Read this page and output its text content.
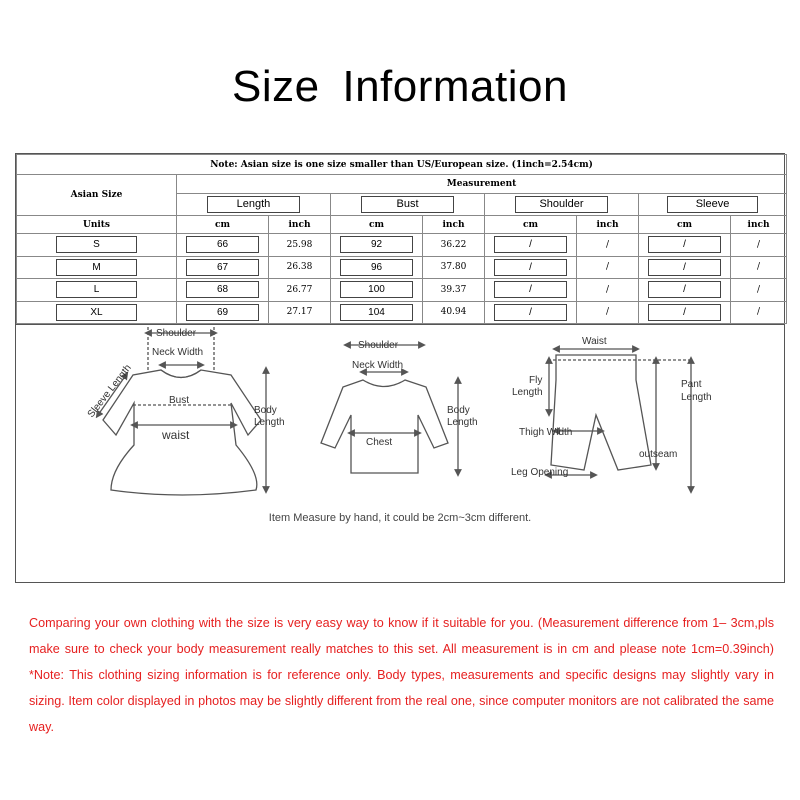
Size Information
Note: Asian size is one size smaller than US/European size. (1inch=2.54cm)								
Asian Size	Measurement							
	Length		Bust		Shoulder		Sleeve	
Units	cm	inch	cm	inch	cm	inch	cm	inch
S	66	25.98	92	36.22	/	/	/	/
M	67	26.38	96	37.80	/	/	/	/
L	68	26.77	100	39.37	/	/	/	/
XL	69	27.17	104	40.94	/	/	/	/
Shoulder
Neck Width
Sleeve Length	Bust
waist
Body
Length
Shoulder
Neck Width
Chest
Body
Length
Waist
Fly
Length
Pant
Length
Thigh Width
outseam
Leg Opening
Item Measure by hand, it could be 2cm~3cm different.
Comparing your own clothing with the size is very easy way to know if it suitable for you. (Measurement difference from 1– 3cm,pls make sure to check your body measurement really matches to this set. All measurement is in cm and please note 1cm=0.39inch) *Note: This clothing sizing information is for reference only. Body types, measurements and specific designs may slightly vary in sizing. Item color displayed in photos may be slightly different from the real one, since computer monitors are not calibrated the same way.
